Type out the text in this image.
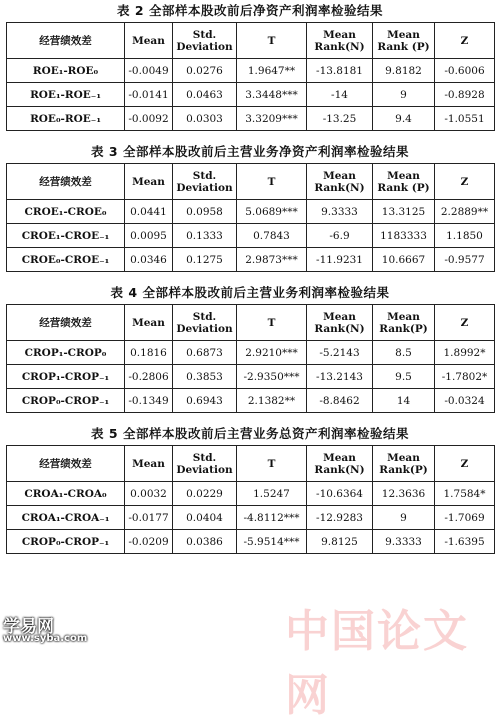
表 2 全部样本股改前后净资产利润率检验结果
经营绩效差	Mean	Std. Deviation	T	Mean Rank(N)	Mean Rank (P)	Z
ROE₁-ROE₀	-0.0049	0.0276	1.9647**	-13.8181	9.8182	-0.6006
ROE₁-ROE₋₁	-0.0141	0.0463	3.3448***	-14	9	-0.8928
ROE₀-ROE₋₁	-0.0092	0.0303	3.3209***	-13.25	9.4	-1.0551
表 3 全部样本股改前后主营业务净资产利润率检验结果
经营绩效差	Mean	Std. Deviation	T	Mean Rank(N)	Mean Rank (P)	Z
CROE₁-CROE₀	0.0441	0.0958	5.0689***	9.3333	13.3125	2.2889**
CROE₁-CROE₋₁	0.0095	0.1333	0.7843	-6.9	1183333	1.1850
CROE₀-CROE₋₁	0.0346	0.1275	2.9873***	-11.9231	10.6667	-0.9577
表 4 全部样本股改前后主营业务利润率检验结果
经营绩效差	Mean	Std. Deviation	T	Mean Rank(N)	Mean Rank(P)	Z
CROP₁-CROP₀	0.1816	0.6873	2.9210***	-5.2143	8.5	1.8992*
CROP₁-CROP₋₁	-0.2806	0.3853	-2.9350***	-13.2143	9.5	-1.7802*
CROP₀-CROP₋₁	-0.1349	0.6943	2.1382**	-8.8462	14	-0.0324
表 5 全部样本股改前后主营业务总资产利润率检验结果
经营绩效差	Mean	Std. Deviation	T	Mean Rank(N)	Mean Rank(P)	Z
CROA₁-CROA₀	0.0032	0.0229	1.5247	-10.6364	12.3636	1.7584*
CROA₁-CROA₋₁	-0.0177	0.0404	-4.8112***	-12.9283	9	-1.7069
CROP₀-CROP₋₁	-0.0209	0.0386	-5.9514***	9.8125	9.3333	-1.6395
中国论文网
学易网
www.syba.com
